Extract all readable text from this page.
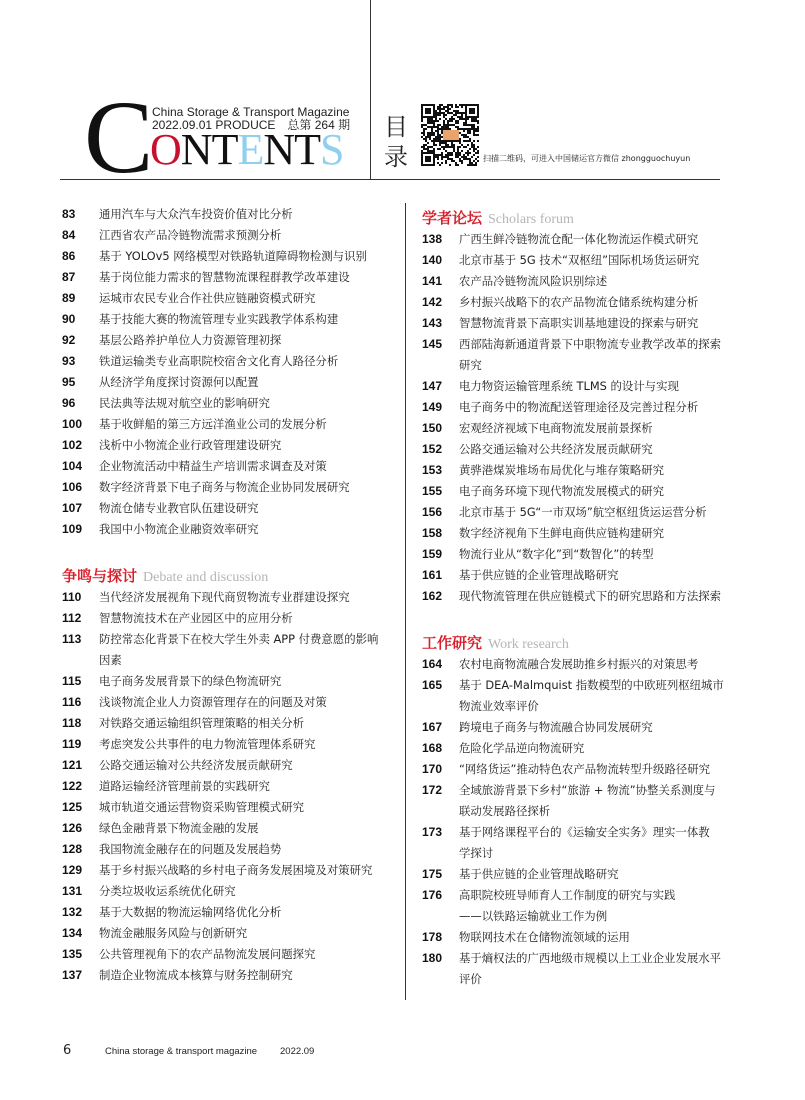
C
ONTENTS
China Storage & Transport Magazine
2022.09.01 PRODUCE　总第 264 期 目录	扫描二维码，可进入中国储运官方微信 zhongguochuyun
83	通用汽车与大众汽车投资价值对比分析
84	江西省农产品冷链物流需求预测分析
86	基于 YOLOv5 网络模型对铁路轨道障碍物检测与识别
87	基于岗位能力需求的智慧物流课程群教学改革建设
89	运城市农民专业合作社供应链融资模式研究
90	基于技能大赛的物流管理专业实践教学体系构建
92	基层公路养护单位人力资源管理初探
93	铁道运输类专业高职院校宿舍文化育人路径分析
95	从经济学角度探讨资源何以配置
96	民法典等法规对航空业的影响研究
100	基于收鲜船的第三方远洋渔业公司的发展分析
102	浅析中小物流企业行政管理建设研究
104	企业物流活动中精益生产培训需求调查及对策
106	数字经济背景下电子商务与物流企业协同发展研究
107	物流仓储专业教官队伍建设研究
109	我国中小物流企业融资效率研究
争鸣与探讨 Debate and discussion
110	当代经济发展视角下现代商贸物流专业群建设探究
112	智慧物流技术在产业园区中的应用分析
113	防控常态化背景下在校大学生外卖 APP 付费意愿的影响
因素
115	电子商务发展背景下的绿色物流研究
116	浅谈物流企业人力资源管理存在的问题及对策
118	对铁路交通运输组织管理策略的相关分析
119	考虑突发公共事件的电力物流管理体系研究
121	公路交通运输对公共经济发展贡献研究
122	道路运输经济管理前景的实践研究
125	城市轨道交通运营物资采购管理模式研究
126	绿色金融背景下物流金融的发展
128	我国物流金融存在的问题及发展趋势
129	基于乡村振兴战略的乡村电子商务发展困境及对策研究
131	分类垃圾收运系统优化研究
132	基于大数据的物流运输网络优化分析
134	物流金融服务风险与创新研究
135	公共管理视角下的农产品物流发展问题探究
137	制造企业物流成本核算与财务控制研究
学者论坛 Scholars forum
138	广西生鲜冷链物流仓配一体化物流运作模式研究
140	北京市基于 5G 技术“双枢纽”国际机场货运研究
141	农产品冷链物流风险识别综述
142	乡村振兴战略下的农产品物流仓储系统构建分析
143	智慧物流背景下高职实训基地建设的探索与研究
145	西部陆海新通道背景下中职物流专业教学改革的探索
研究
147	电力物资运输管理系统 TLMS 的设计与实现
149	电子商务中的物流配送管理途径及完善过程分析
150	宏观经济视域下电商物流发展前景探析
152	公路交通运输对公共经济发展贡献研究
153	黄骅港煤炭堆场布局优化与堆存策略研究
155	电子商务环境下现代物流发展模式的研究
156	北京市基于 5G“一市双场”航空枢纽货运运营分析
158	数字经济视角下生鲜电商供应链构建研究
159	物流行业从“数字化”到“数智化”的转型
161	基于供应链的企业管理战略研究
162	现代物流管理在供应链模式下的研究思路和方法探索
工作研究 Work research
164	农村电商物流融合发展助推乡村振兴的对策思考
165	基于 DEA-Malmquist 指数模型的中欧班列枢纽城市
物流业效率评价
167	跨境电子商务与物流融合协同发展研究
168	危险化学品逆向物流研究
170	“网络货运”推动特色农产品物流转型升级路径研究
172	全域旅游背景下乡村“旅游 + 物流”协整关系测度与
联动发展路径探析
173	基于网络课程平台的《运输安全实务》理实一体教
学探讨
175	基于供应链的企业管理战略研究
176	高职院校班导师育人工作制度的研究与实践
——以铁路运输就业工作为例
178	物联网技术在仓储物流领域的运用
180	基于熵权法的广西地级市规模以上工业企业发展水平
评价
6	China storage & transport magazine 2022.09
